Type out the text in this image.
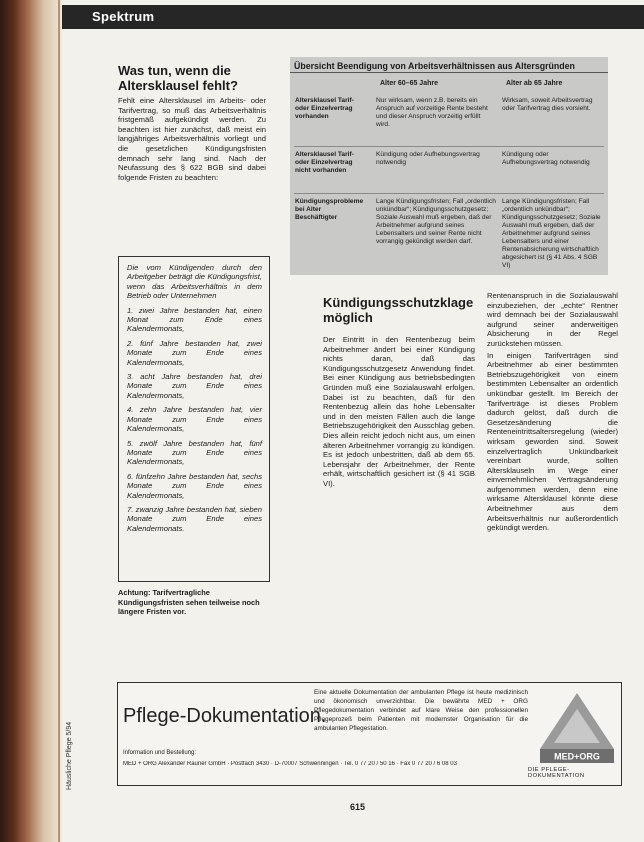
Spektrum
Was tun, wenn die Altersklausel fehlt?
Fehlt eine Altersklausel im Arbeits- oder Tarifvertrag, so muß das Arbeitsverhältnis fristgemäß aufgekündigt werden. Zu beachten ist hier zunächst, daß meist ein langjähriges Arbeitsverhältnis vorliegt und die gesetzlichen Kündigungsfristen demnach sehr lang sind. Nach der Neufassung des § 622 BGB sind dabei folgende Fristen zu beachten:

Die vom Kündigenden durch den Arbeitgeber beträgt die Kündigungsfrist, wenn das Arbeitsverhältnis in dem Betrieb oder Unternehmen

1. zwei Jahre bestanden hat, einen Monat zum Ende eines Kalendermonats,

2. fünf Jahre bestanden hat, zwei Monate zum Ende eines Kalendermonats,

3. acht Jahre bestanden hat, drei Monate zum Ende eines Kalendermonats,

4. zehn Jahre bestanden hat, vier Monate zum Ende eines Kalendermonats,

5. zwölf Jahre bestanden hat, fünf Monate zum Ende eines Kalendermonats,

6. fünfzehn Jahre bestanden hat, sechs Monate zum Ende eines Kalendermonats,

7. zwanzig Jahre bestanden hat, sieben Monate zum Ende eines Kalendermonats.

Achtung: Tarifvertragliche Kündigungsfristen sehen teilweise noch längere Fristen vor.
Übersicht Beendigung von Arbeitsverhältnissen aus Altersgründen
Alter 60–65 Jahre	Alter ab 65 Jahre
Altersklausel Tarif- oder Einzelvertrag vorhanden
Nur wirksam, wenn z.B. bereits ein Anspruch auf vorzeitige Rente besteht und dieser Anspruch vorzeitig erfüllt wird.
Wirksam, soweit Arbeitsvertrag oder Tarifvertrag dies vorsieht.
Altersklausel Tarif- oder Einzelvertrag nicht vorhanden
Kündigung oder Aufhebungsvertrag notwendig
Kündigung oder Aufhebungsvertrag notwendig
Kündigungsprobleme bei Alter Beschäftigter
Lange Kündigungsfristen; Fall „ordentlich unkündbar“; Kündigungsschutzgesetz; Soziale Auswahl muß ergeben, daß der Arbeitnehmer aufgrund seines Lebensalters und seiner Rente nicht vorrangig gekündigt werden darf.
Lange Kündigungsfristen; Fall „ordentlich unkündbar“; Kündigungsschutzgesetz; Soziale Auswahl muß ergeben, daß der Arbeitnehmer aufgrund seines Lebensalters und einer Rentenabsicherung wirtschaftlich abgesichert ist (§ 41 Abs. 4 SGB VI)
Kündigungsschutzklage möglich

Der Eintritt in den Rentenbezug beim Arbeitnehmer ändert bei einer Kündigung nichts daran, daß das Kündigungsschutzgesetz Anwendung findet. Bei einer Kündigung aus betriebsbedingten Gründen muß eine Sozialauswahl erfolgen. Dabei ist zu beachten, daß für den Rentenbezug allein das hohe Lebensalter und in den meisten Fällen auch die lange Betriebszugehörigkeit den Ausschlag geben. Dies allein reicht jedoch nicht aus, um einen älteren Arbeitnehmer vorrangig zu kündigen. Es ist jedoch unbestritten, daß ab dem 65. Lebensjahr der Arbeitnehmer, der Rente erhält, wirtschaftlich gesichert ist (§ 41 SGB VI).

Rentenanspruch in die Sozialauswahl einzubeziehen, der „echte“ Rentner wird demnach bei der Sozialauswahl aufgrund seiner anderweitigen Absicherung in der Regel zurückstehen müssen.

In einigen Tarifverträgen sind Arbeitnehmer ab einer bestimmten Betriebszugehörigkeit von einem bestimmten Lebensalter an ordentlich unkündbar gestellt. Im Bereich der Tarifverträge ist dieses Problem dadurch gelöst, daß durch die Gesetzesänderung die Renteneintrittsaltersregelung (wieder) wirksam geworden sind. Soweit einzelvertraglich Unkündbarkeit vereinbart wurde, sollten Altersklauseln im Wege einer einvernehmlichen Vertragsänderung aufgenommen werden, denn eine wirksame Altersklausel könnte diese Arbeitnehmer aus dem Arbeitsverhältnis nur außerordentlich gekündigt werden.

Häusliche Pflege 5/94
Pflege-Dokumentation.
Eine aktuelle Dokumentation der ambulanten Pflege ist heute medizinisch und ökonomisch unverzichtbar. Die bewährte MED + ORG Pflegedokumentation verbindet auf klare Weise den professionellen Pflegeprozeß beim Patienten mit modernster Organisation für die ambulanten Pflegestation.
Information und Bestellung:
MED + ORG Alexander Rauner GmbH · Postfach 3430 · D-70007 Schwenningen · Tel. 0 77 20 / 50 16 · Fax 0 77 20 / 6 08 03
MED+ORG
DIE PFLEGE-DOKUMENTATION
615
